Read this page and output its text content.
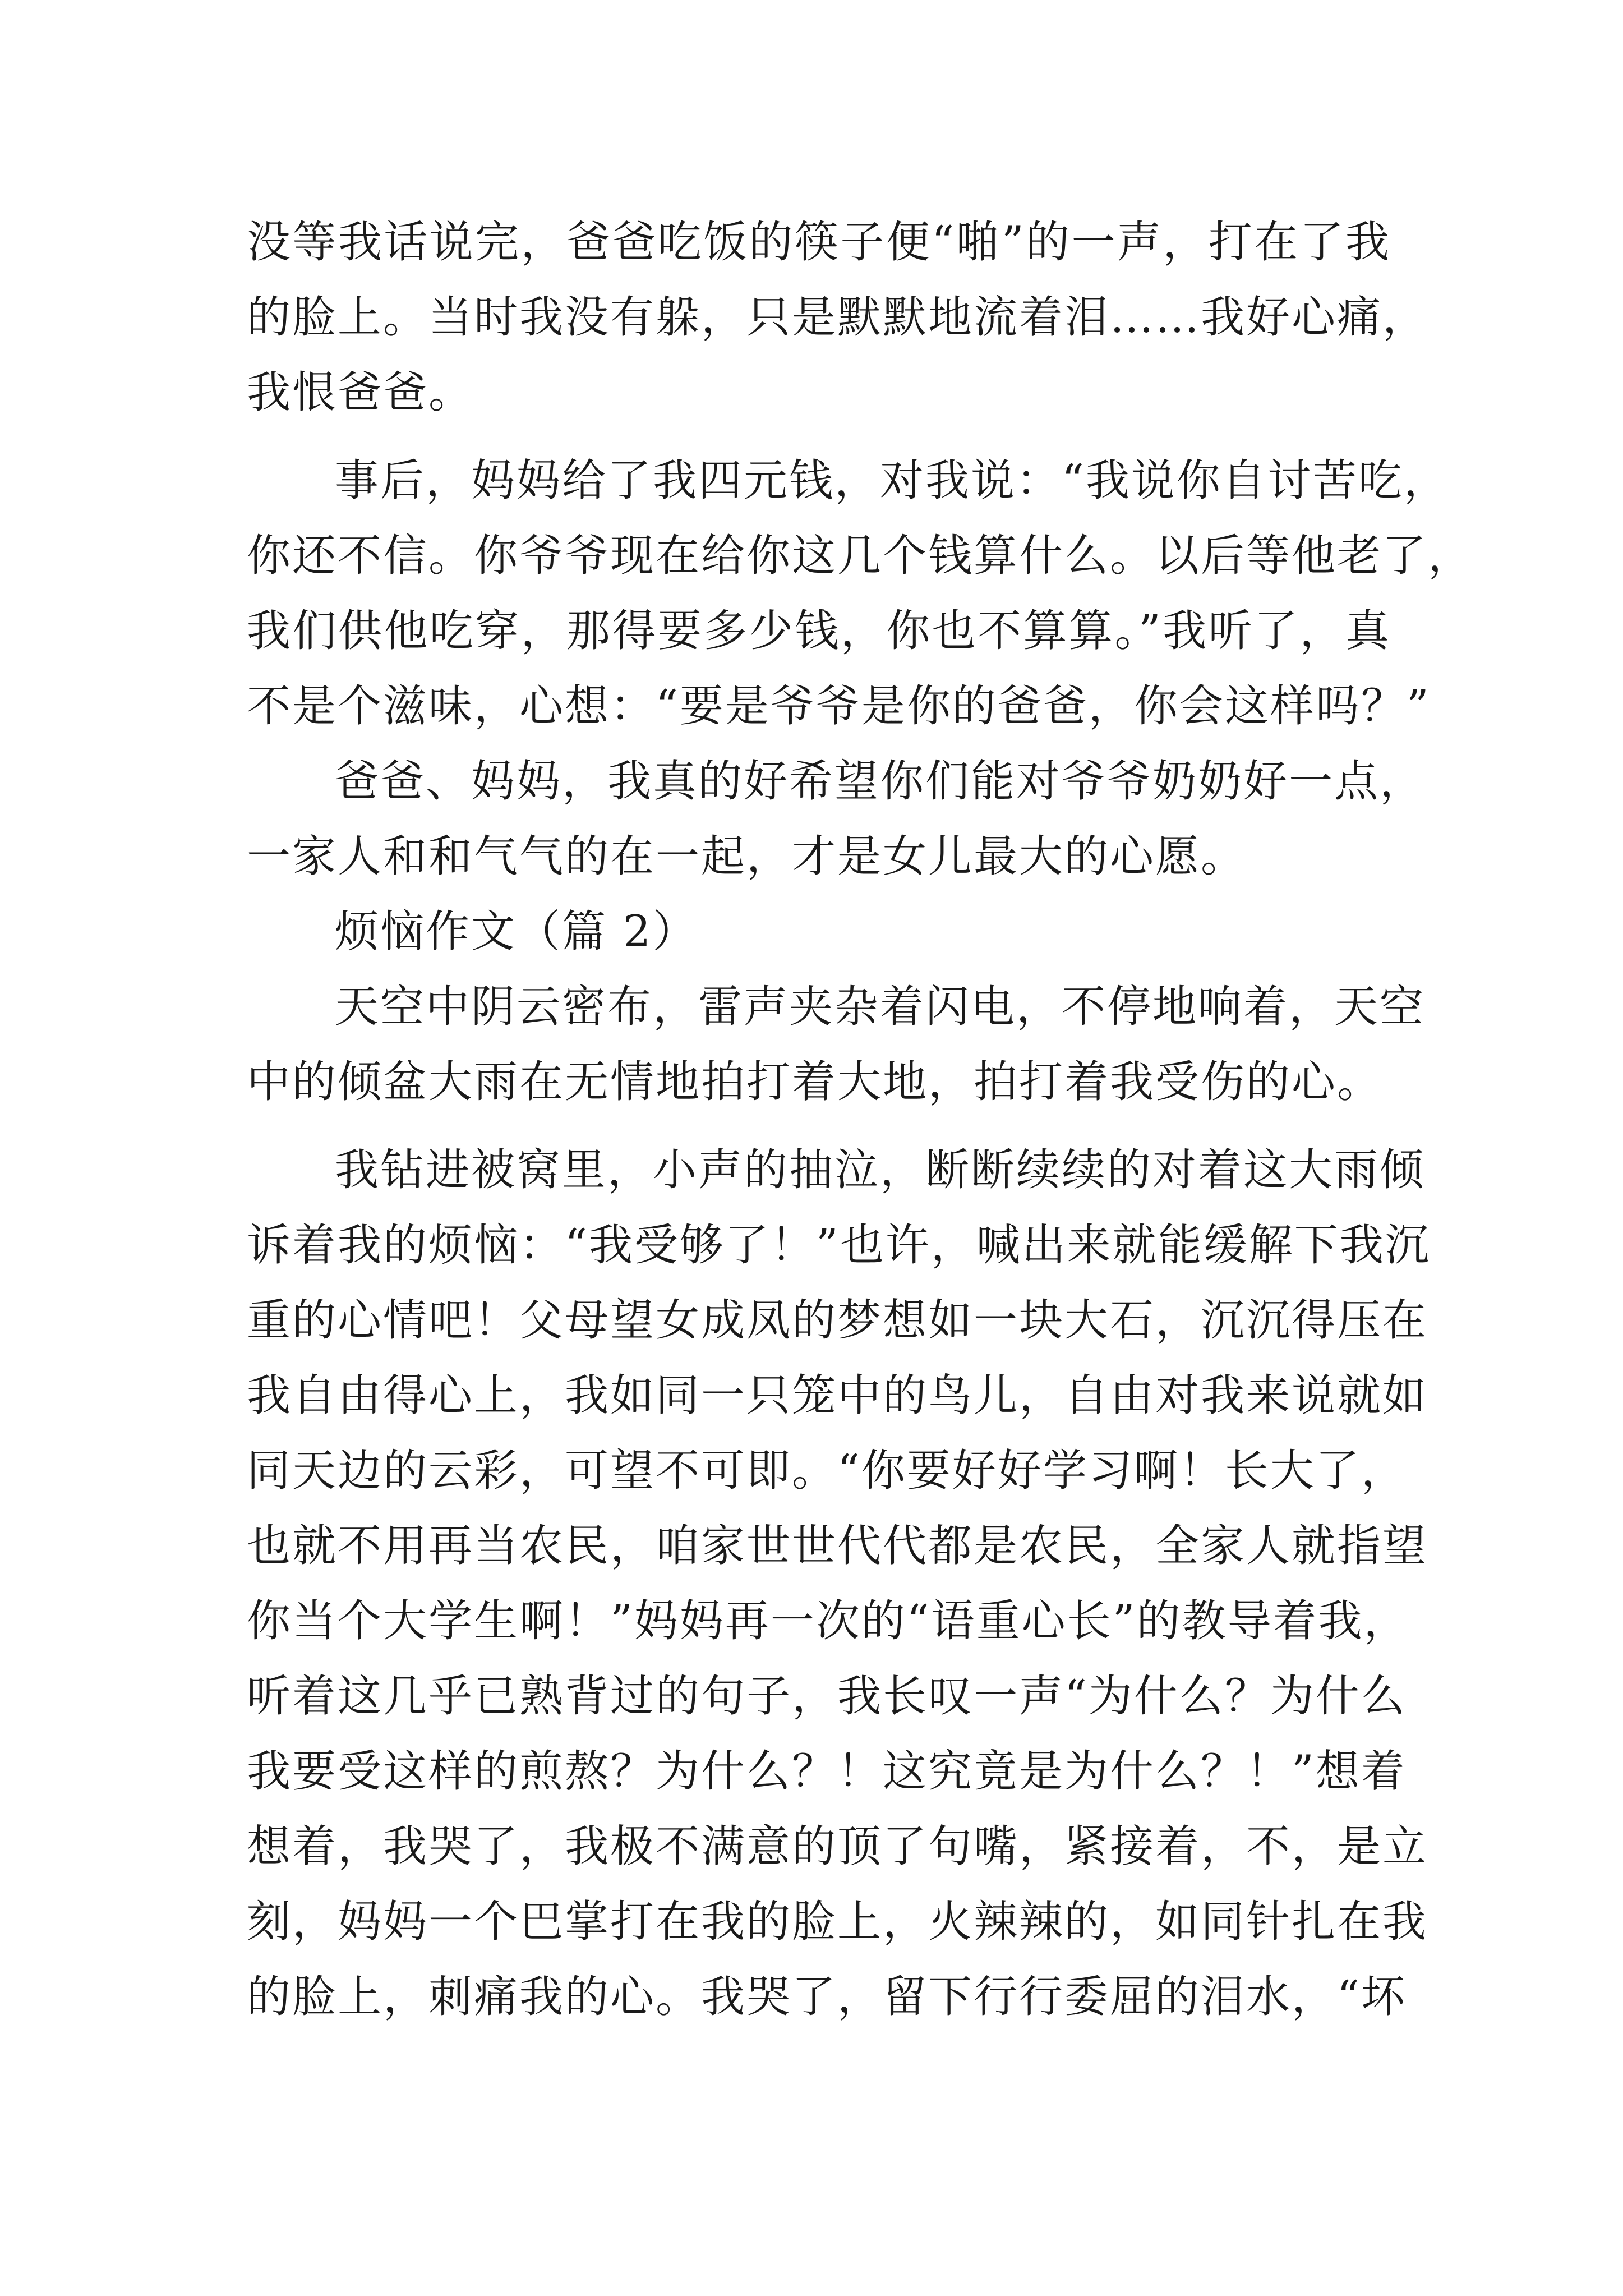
没等我话说完，爸爸吃饭的筷子便“啪”的一声，打在了我
的脸上。当时我没有躲，只是默默地流着泪……我好心痛，
我恨爸爸。
事后，妈妈给了我四元钱，对我说：“我说你自讨苦吃，
你还不信。你爷爷现在给你这几个钱算什么。以后等他老了，
我们供他吃穿，那得要多少钱，你也不算算。”我听了，真
不是个滋味，心想：“要是爷爷是你的爸爸，你会这样吗？”
爸爸、妈妈，我真的好希望你们能对爷爷奶奶好一点，
一家人和和气气的在一起，才是女儿最大的心愿。
烦恼作文（篇 2）
天空中阴云密布，雷声夹杂着闪电，不停地响着，天空
中的倾盆大雨在无情地拍打着大地，拍打着我受伤的心。
我钻进被窝里，小声的抽泣，断断续续的对着这大雨倾
诉着我的烦恼：“我受够了！”也许，喊出来就能缓解下我沉
重的心情吧！父母望女成凤的梦想如一块大石，沉沉得压在
我自由得心上，我如同一只笼中的鸟儿，自由对我来说就如
同天边的云彩，可望不可即。“你要好好学习啊！长大了，
也就不用再当农民，咱家世世代代都是农民，全家人就指望
你当个大学生啊！”妈妈再一次的“语重心长”的教导着我，
听着这几乎已熟背过的句子，我长叹一声“为什么？为什么
我要受这样的煎熬？为什么？！这究竟是为什么？！”想着
想着，我哭了，我极不满意的顶了句嘴，紧接着，不，是立
刻，妈妈一个巴掌打在我的脸上，火辣辣的，如同针扎在我
的脸上，刺痛我的心。我哭了，留下行行委屈的泪水，“坏
